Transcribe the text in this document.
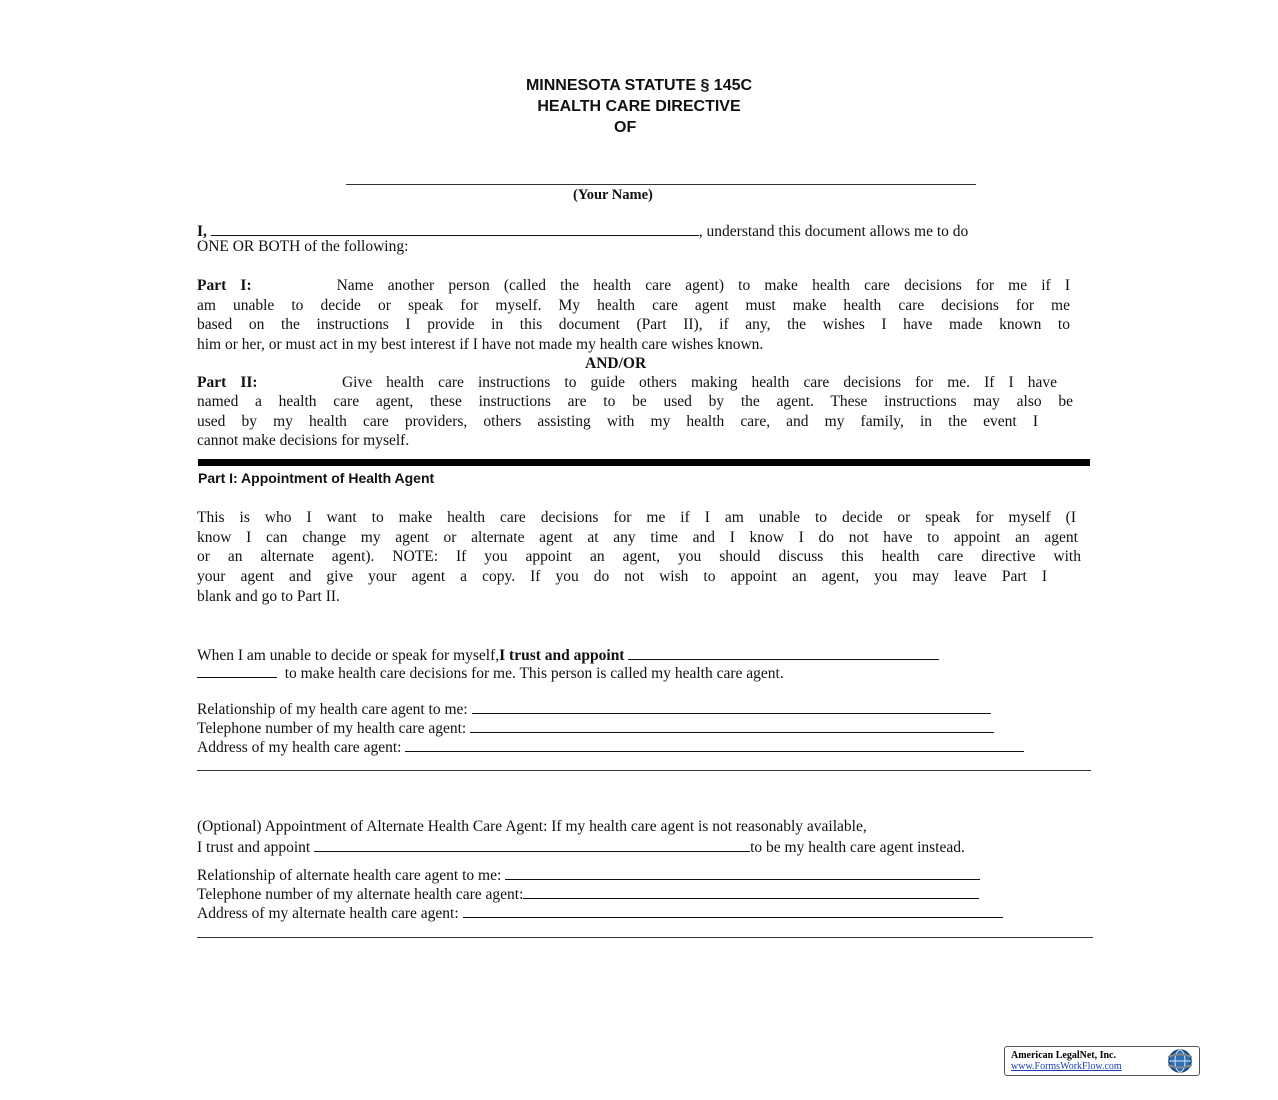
MINNESOTA STATUTE § 145C
HEALTH CARE DIRECTIVE
OF
(Your Name)
I,	, understand this document allows me to do
ONE OR BOTH of the following:
Part I:	Name another person (called the health care agent) to make health care decisions for me if I
am unable to decide or speak for myself. My health care agent must make health care decisions for me
based on the instructions I provide in this document (Part II), if any, the wishes I have made known to
him or her, or must act in my best interest if I have not made my health care wishes known.
AND/OR
Part II:	Give health care instructions to guide others making health care decisions for me. If I have
named a health care agent, these instructions are to be used by the agent. These instructions may also be
used by my health care providers, others assisting with my health care, and my family, in the event I
cannot make decisions for myself.
Part I: Appointment of Health Agent
This is who I want to make health care decisions for me if I am unable to decide or speak for myself (I
know I can change my agent or alternate agent at any time and I know I do not have to appoint an agent
or an alternate agent). NOTE: If you appoint an agent, you should discuss this health care directive with
your agent and give your agent a copy. If you do not wish to appoint an agent, you may leave Part I
blank and go to Part II.
When I am unable to decide or speak for myself,I trust and appoint
to make health care decisions for me. This person is called my health care agent.
Relationship of my health care agent to me:
Telephone number of my health care agent:
Address of my health care agent:
(Optional) Appointment of Alternate Health Care Agent: If my health care agent is not reasonably available,
I trust and appoint	to be my health care agent instead.
Relationship of alternate health care agent to me:
Telephone number of my alternate health care agent:
Address of my alternate health care agent:
American LegalNet, Inc.
www.FormsWorkFlow.com
